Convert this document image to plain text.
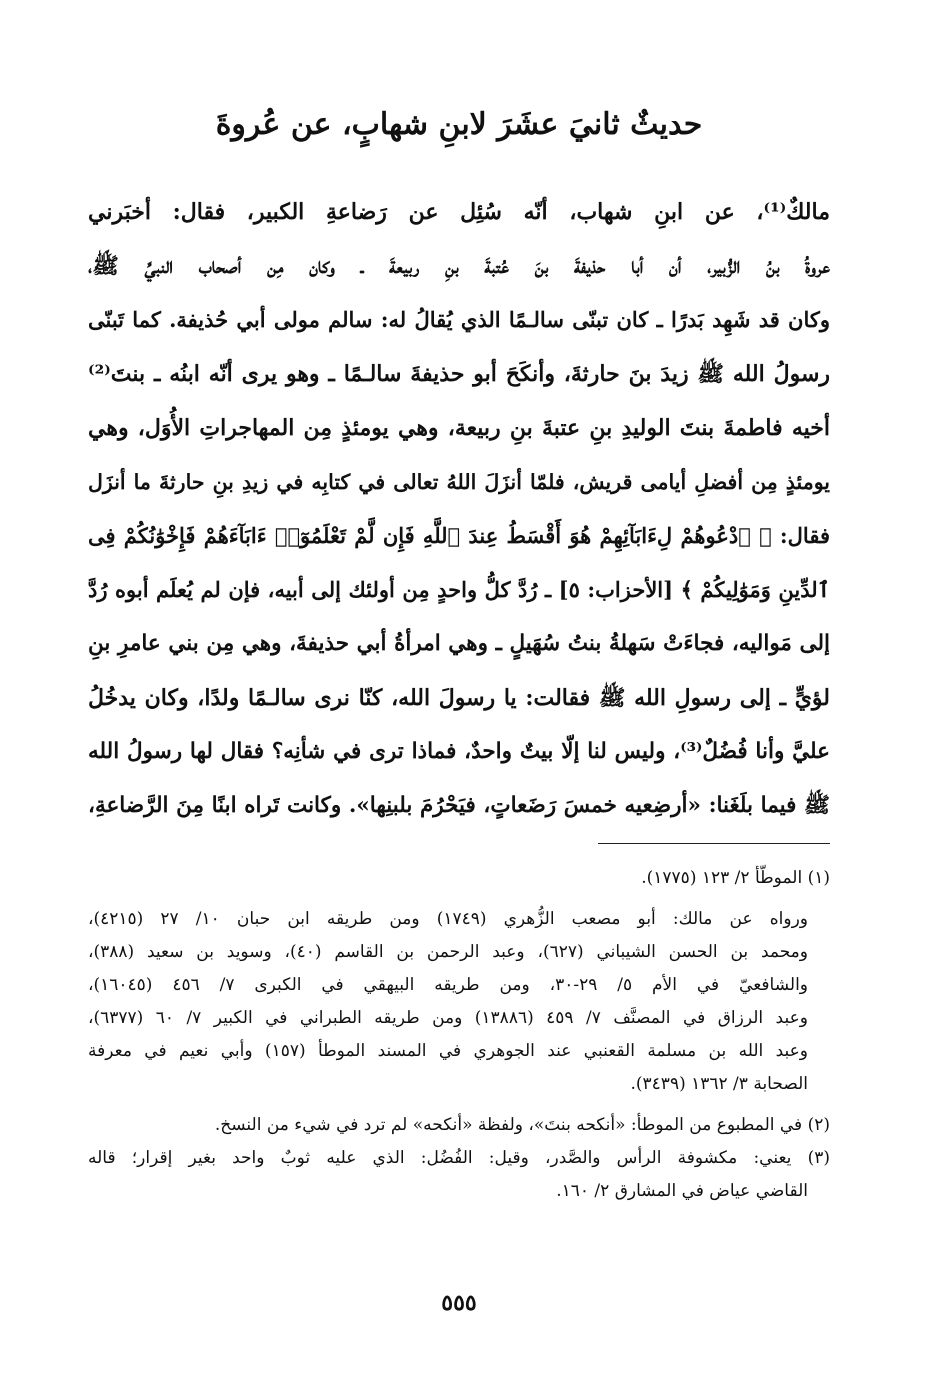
حديثٌ ثانيَ عشَرَ لابنِ شهابٍ، عن عُروةَ
مالكٌ⁽¹⁾، عن ابنِ شهاب، أنّه سُئِل عن رَضاعةِ الكبير، فقال: أخبَرني
عروةُ بنُ الزُّبير، أن أبا حذيفةَ بنَ عُتبةَ بنِ ربيعةَ ـ وكان مِن أصحاب النبيِّ ﷺ،
وكان قد شَهِد بَدرًا ـ كان تبنّى سالـمًا الذي يُقالُ له: سالم مولى أبي حُذيفة. كما تَبنّى
رسولُ الله ﷺ زيدَ بنَ حارثةَ، وأنكَحَ أبو حذيفةَ سالـمًا ـ وهو يرى أنّه ابنُه ـ بنتَ⁽²⁾
أخيه فاطمةَ بنتَ الوليدِ بنِ عتبةَ بنِ ربيعة، وهي يومئذٍ مِن المهاجراتِ الأُوَل، وهي
يومئذٍ مِن أفضلِ أيامى قريش، فلمّا أنزَلَ اللهُ تعالى في كتابِه في زيدِ بنِ حارثةَ ما أنزَل
فقال: ﴿ ٱدْعُوهُمْ لِءَابَآئِهِمْ هُوَ أَقْسَطُ عِندَ ٱللَّهِ فَإِن لَّمْ تَعْلَمُوٓا۟ ءَابَآءَهُمْ فَإِخْوَٰنُكُمْ فِى
ٱلدِّينِ وَمَوَٰلِيكُمْ ﴾ [الأحزاب: ٥] ـ رُدَّ كلُّ واحدٍ مِن أولئك إلى أبيه، فإن لم يُعلَم أبوه رُدَّ
إلى مَواليه، فجاءَتْ سَهلةُ بنتُ سُهَيلٍ ـ وهي امرأةُ أبي حذيفةَ، وهي مِن بني عامرِ بنِ
لؤيٍّ ـ إلى رسولِ الله ﷺ فقالت: يا رسولَ الله، كنّا نرى سالـمًا ولدًا، وكان يدخُلُ
عليَّ وأنا فُضُلٌ⁽³⁾، وليس لنا إلّا بيتٌ واحدٌ، فماذا ترى في شأنِه؟ فقال لها رسولُ الله
ﷺ فيما بلَغَنا: «أرضِعيه خمسَ رَضَعاتٍ، فيَحْرُمَ بلبنِها». وكانت تَراه ابنًا مِنَ الرَّضاعةِ،
(١) الموطّأ ٢/ ١٢٣ (١٧٧٥).
ورواه عن مالك: أبو مصعب الزُّهري (١٧٤٩) ومن طريقه ابن حبان ١٠/ ٢٧ (٤٢١٥)،
ومحمد بن الحسن الشيباني (٦٢٧)، وعبد الرحمن بن القاسم (٤٠)، وسويد بن سعيد (٣٨٨)،
والشافعيّ في الأم ٥/ ٢٩-٣٠، ومن طريقه البيهقي في الكبرى ٧/ ٤٥٦ (١٦٠٤٥)،
وعبد الرزاق في المصنَّف ٧/ ٤٥٩ (١٣٨٨٦) ومن طريقه الطبراني في الكبير ٧/ ٦٠ (٦٣٧٧)،
وعبد الله بن مسلمة القعنبي عند الجوهري في المسند الموطأ (١٥٧) وأبي نعيم في معرفة
الصحابة ٣/ ١٣٦٢ (٣٤٣٩).
(٢) في المطبوع من الموطأ: «أنكحه بنتَ»، ولفظة «أنكحه» لم ترد في شيء من النسخ.
(٣) يعني: مكشوفة الرأس والصَّدر، وقيل: الفُضُل: الذي عليه ثوبٌ واحد بغير إقرار؛ قاله
القاضي عياض في المشارق ٢/ ١٦٠.
٥٥٥
